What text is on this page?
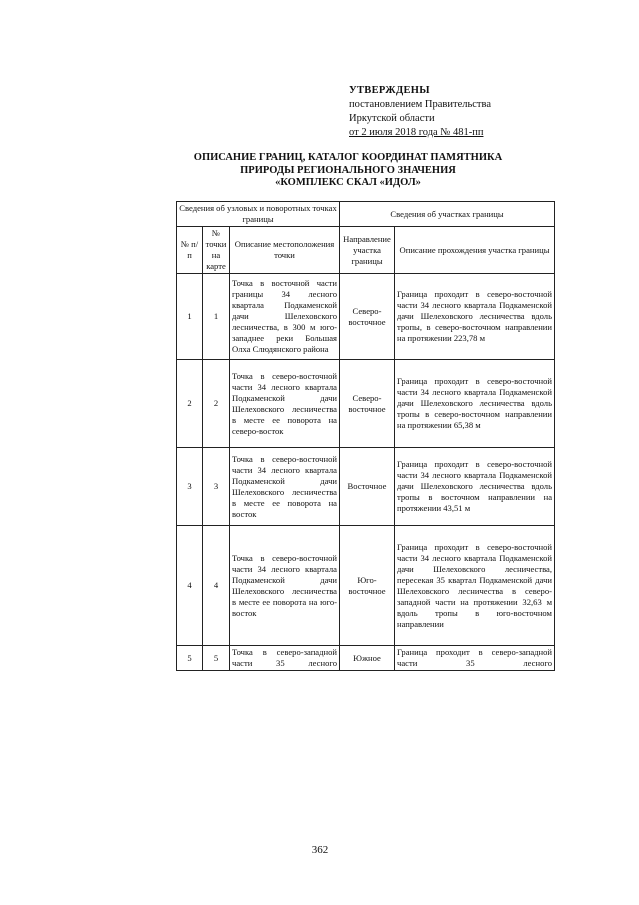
УТВЕРЖДЕНЫ
постановлением Правительства
Иркутской области
от 2 июля 2018 года № 481-пп
ОПИСАНИЕ ГРАНИЦ, КАТАЛОГ КООРДИНАТ ПАМЯТНИКА
ПРИРОДЫ РЕГИОНАЛЬНОГО ЗНАЧЕНИЯ
«КОМПЛЕКС СКАЛ «ИДОЛ»
Сведения об узловых и поворотных точках границы			Сведения об участках границы	
№ п/п	№ точки на карте	Описание местоположения точки	Направление участка границы	Описание прохождения участка границы
1	1	Точка в восточной части границы 34 лесного квартала Подкаменской дачи Шелеховского лесничества, в 300 м юго-западнее реки Большая Олха Слюдянского района	Северо-восточное	Граница проходит в северо-восточной части 34 лесного квартала Подкаменской дачи Шелеховского лесничества вдоль тропы, в северо-восточном направлении на протяжении 223,78 м
2	2	Точка в северо-восточной части 34 лесного квартала Подкаменской дачи Шелеховского лесничества в месте ее поворота на северо-восток	Северо-восточное	Граница проходит в северо-восточной части 34 лесного квартала Подкаменской дачи Шелеховского лесничества вдоль тропы в северо-восточном направлении на протяжении 65,38 м
3	3	Точка в северо-восточной части 34 лесного квартала Подкаменской дачи Шелеховского лесничества в месте ее поворота на восток	Восточное	Граница проходит в северо-восточной части 34 лесного квартала Подкаменской дачи Шелеховского лесничества вдоль тропы в восточном направлении на протяжении 43,51 м
4	4	Точка в северо-восточной части 34 лесного квартала Подкаменской дачи Шелеховского лесничества в месте ее поворота на юго-восток	Юго-восточное	Граница проходит в северо-восточной части 34 лесного квартала Подкаменской дачи Шелеховского лесничества, пересекая 35 квартал Подкаменской дачи Шелеховского лесничества в северо-западной части на протяжении 32,63 м вдоль тропы в юго-восточном направлении
5	5	Точка в северо-западной части 35 лесного	Южное	Граница проходит в северо-западной части 35 лесного
362
